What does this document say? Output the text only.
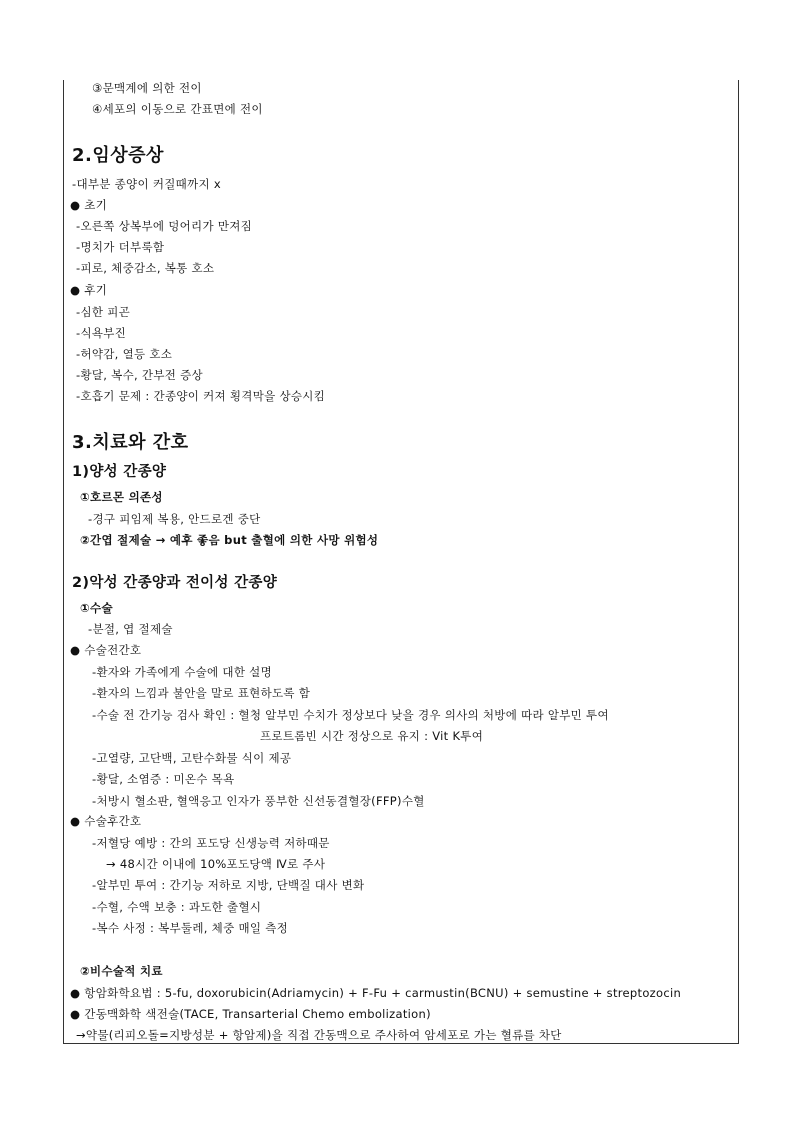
③문맥계에 의한 전이
④세포의 이동으로 간표면에 전이
2.임상증상
-대부분 종양이 커질때까지 x
● 초기
-오른쪽 상복부에 덩어리가 만져짐
-명치가 더부룩함
-피로, 체중감소, 복통 호소
● 후기
-심한 피곤
-식욕부진
-허약감, 열등 호소
-황달, 복수, 간부전 증상
-호흡기 문제 : 간종양이 커져 횡격막을 상승시킴
3.치료와 간호
1)양성 간종양
①호르몬 의존성
-경구 피임제 복용, 안드로겐 중단
②간엽 절제술 → 예후 좋음 but 출혈에 의한 사망 위험성
2)악성 간종양과 전이성 간종양
①수술
-분절, 엽 절제술
● 수술전간호
-환자와 가족에게 수술에 대한 설명
-환자의 느낌과 불안을 말로 표현하도록 함
-수술 전 간기능 검사 확인 : 혈청 알부민 수치가 정상보다 낮을 경우 의사의 처방에 따라 알부민 투여
프로트롬빈 시간 정상으로 유지 : Vit K투여
-고열량, 고단백, 고탄수화물 식이 제공
-황달, 소염증 : 미온수 목욕
-처방시 혈소판, 혈액응고 인자가 풍부한 신선동결혈장(FFP)수혈
● 수술후간호
-저혈당 예방 : 간의 포도당 신생능력 저하때문
→ 48시간 이내에 10%포도당액 Ⅳ로 주사
-알부민 투여 : 간기능 저하로 지방, 단백질 대사 변화
-수혈, 수액 보충 : 과도한 출혈시
-복수 사정 : 복부둘레, 체중 매일 측정
②비수술적 치료
● 항암화학요법 : 5-fu, doxorubicin(Adriamycin) + F-Fu + carmustin(BCNU) + semustine + streptozocin
● 간동맥화학 색전술(TACE, Transarterial Chemo embolization)
→약물(리피오돌=지방성분 + 항암제)을 직접 간동맥으로 주사하여 암세포로 가는 혈류를 차단
